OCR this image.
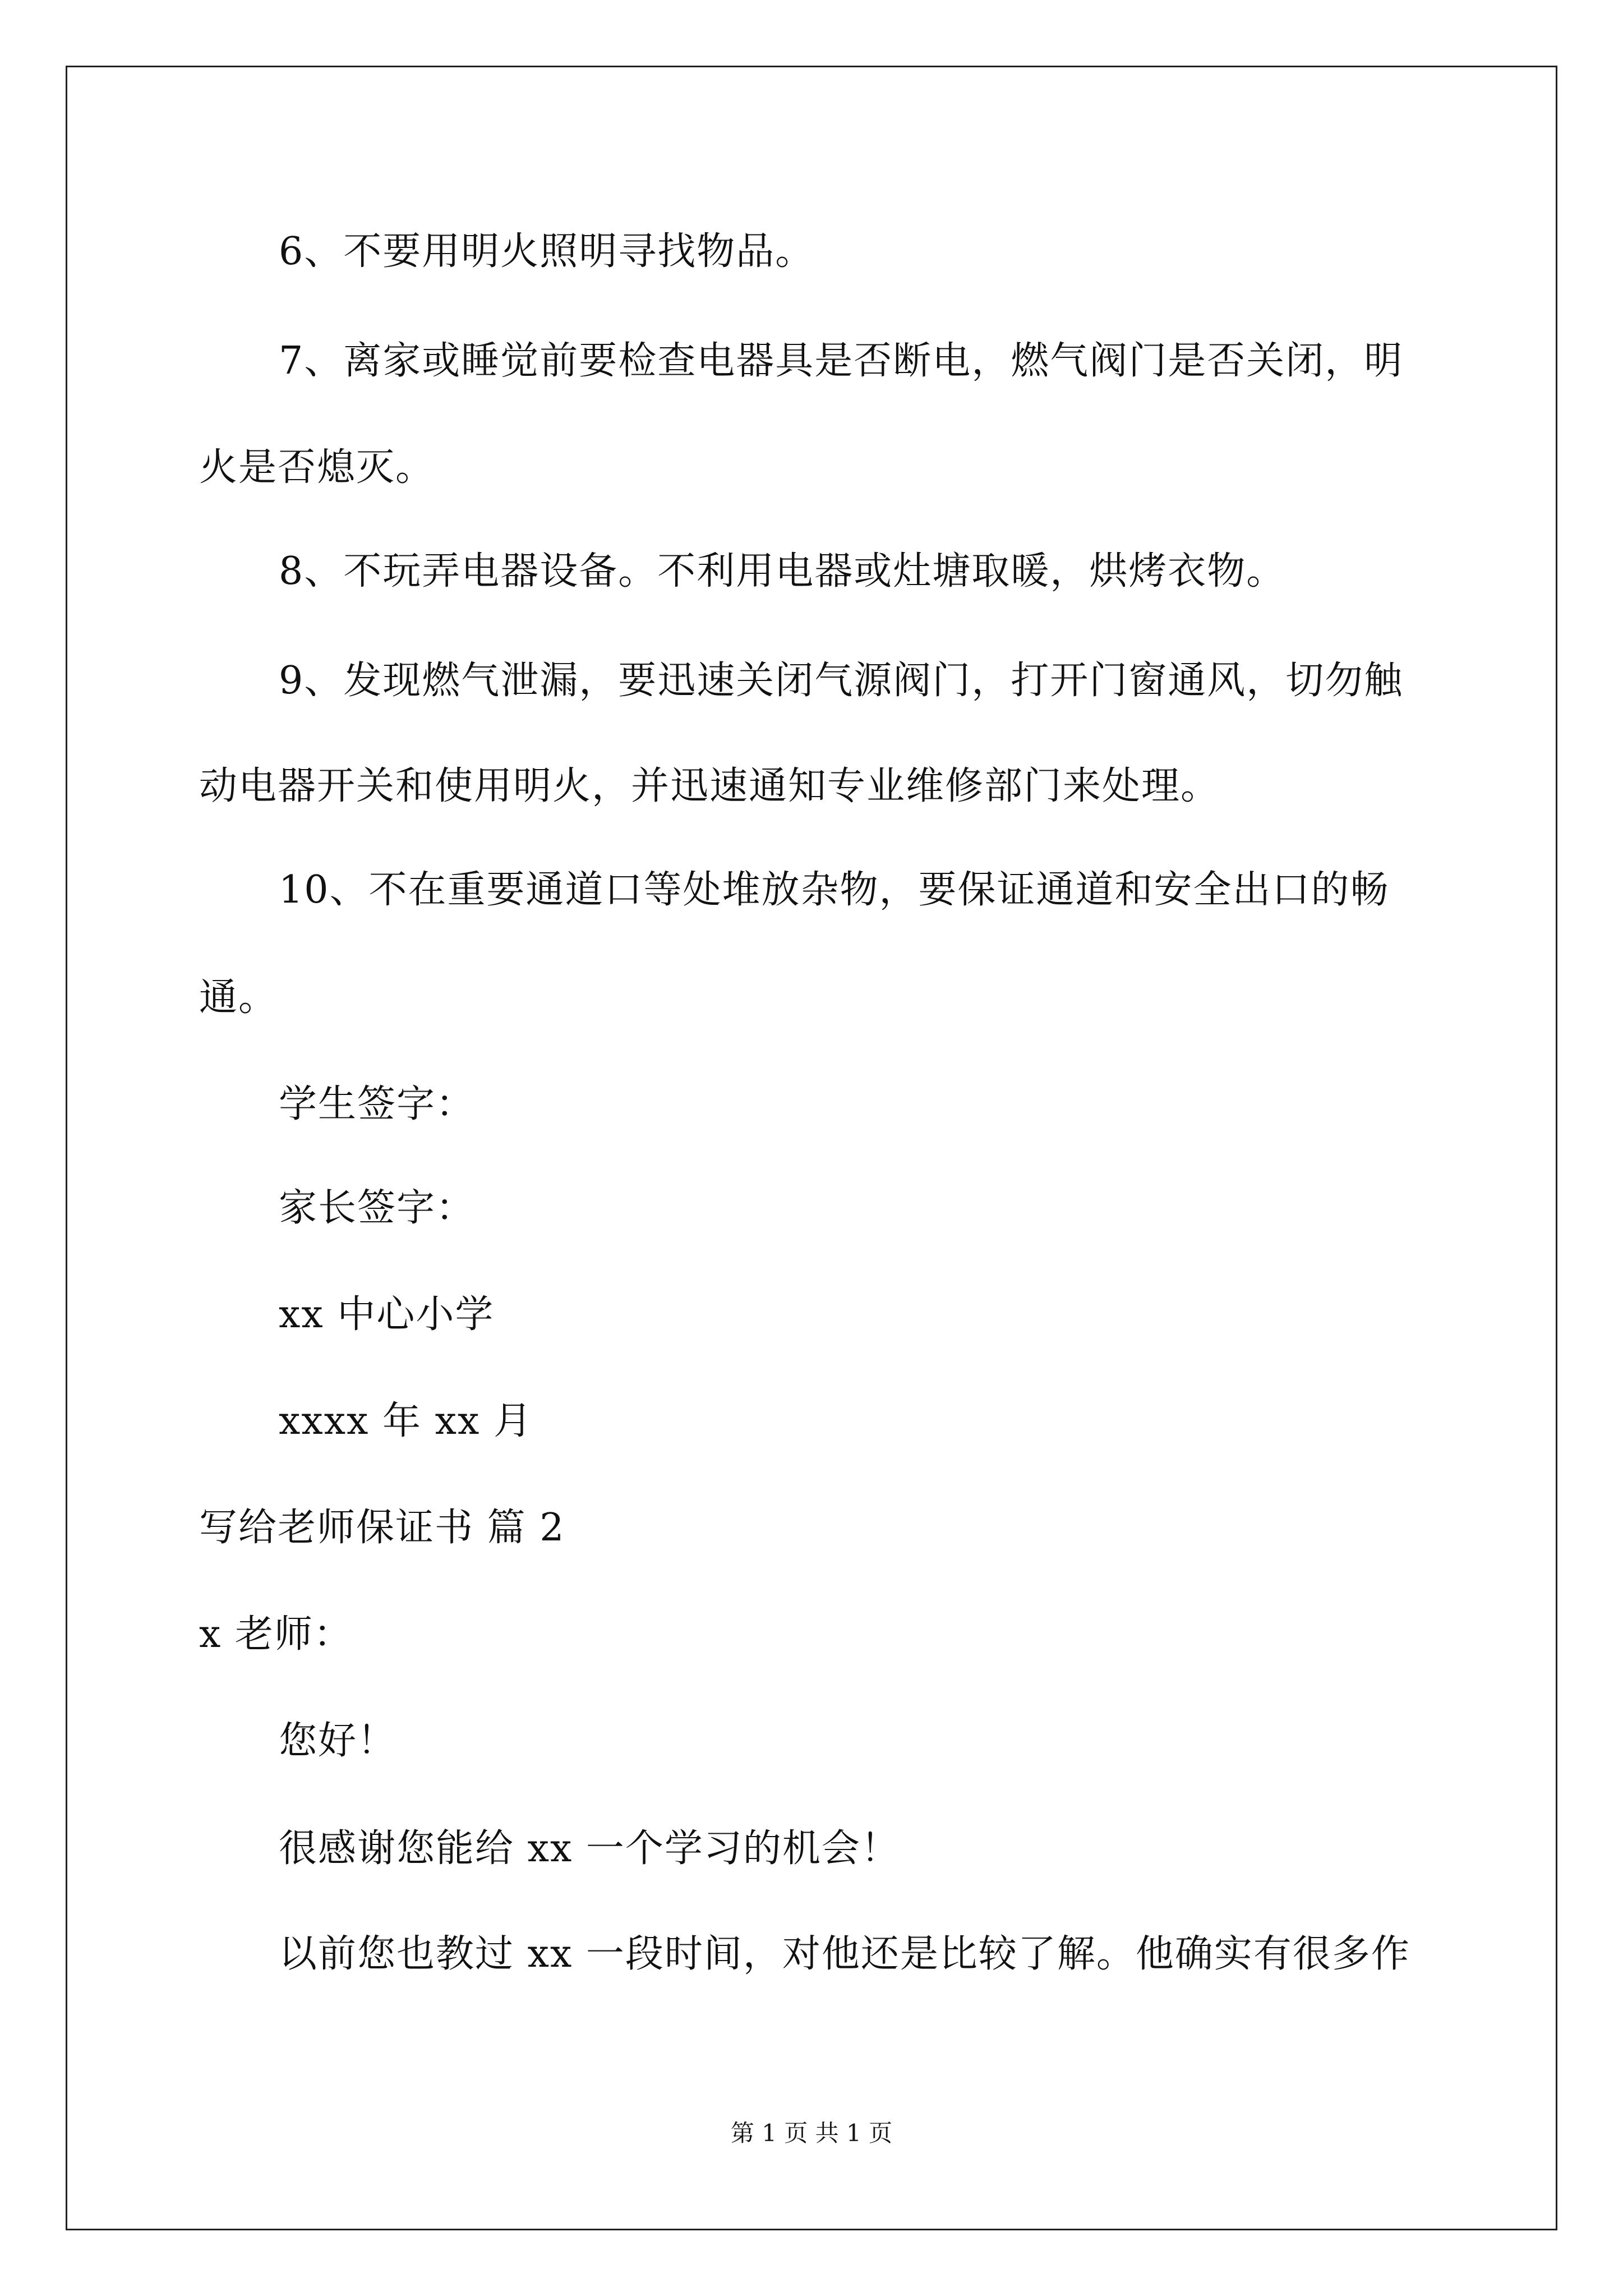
6、不要用明火照明寻找物品。
7、离家或睡觉前要检查电器具是否断电，燃气阀门是否关闭，明
火是否熄灭。
8、不玩弄电器设备。不利用电器或灶塘取暖，烘烤衣物。
9、发现燃气泄漏，要迅速关闭气源阀门，打开门窗通风，切勿触
动电器开关和使用明火，并迅速通知专业维修部门来处理。
10、不在重要通道口等处堆放杂物，要保证通道和安全出口的畅
通。
学生签字：
家长签字：
xx 中心小学
xxxx 年 xx 月
写给老师保证书 篇 2
x 老师：
您好！
很感谢您能给 xx 一个学习的机会！
以前您也教过 xx 一段时间，对他还是比较了解。他确实有很多作
第 1 页 共 1 页
